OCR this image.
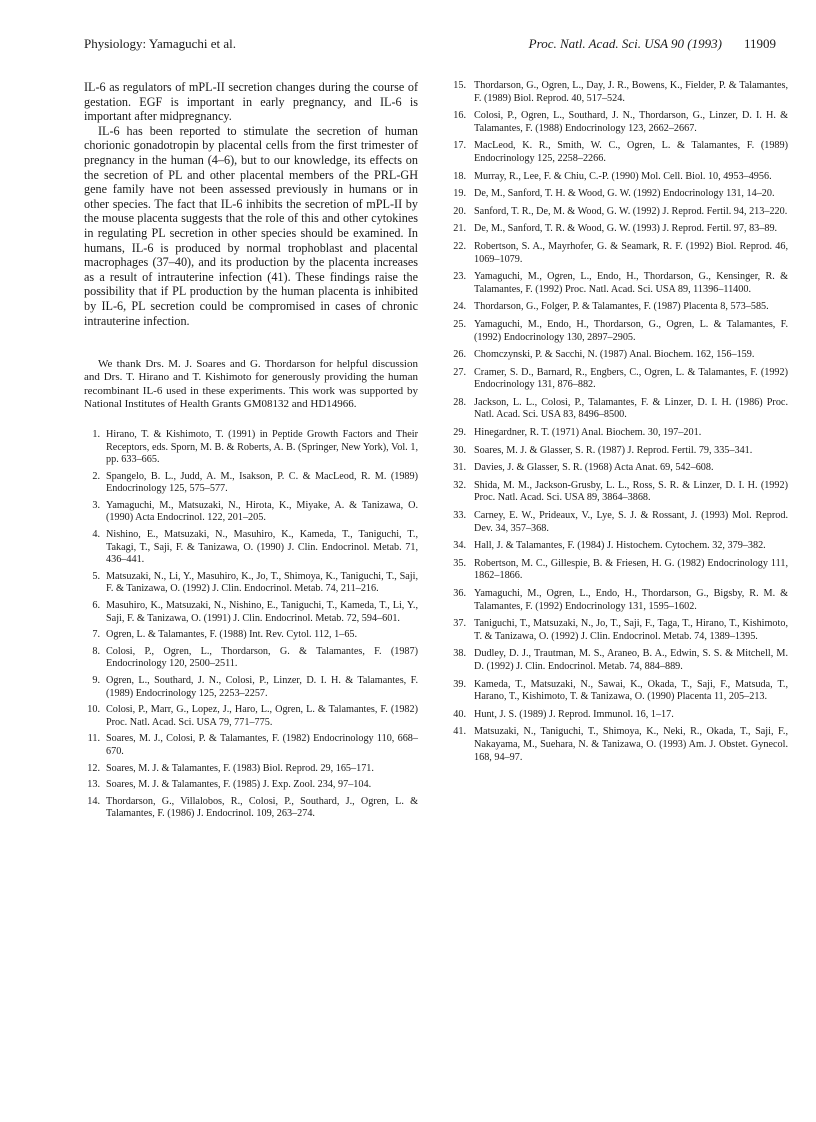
Physiology: Yamaguchi et al.	Proc. Natl. Acad. Sci. USA 90 (1993) 11909

IL-6 as regulators of mPL-II secretion changes during the course of gestation. EGF is important in early pregnancy, and IL-6 is important after midpregnancy.

IL-6 has been reported to stimulate the secretion of human chorionic gonadotropin by placental cells from the first trimester of pregnancy in the human (4–6), but to our knowledge, its effects on the secretion of PL and other placental members of the PRL-GH gene family have not been assessed previously in humans or in other species. The fact that IL-6 inhibits the secretion of mPL-II by the mouse placenta suggests that the role of this and other cytokines in regulating PL secretion in other species should be examined. In humans, IL-6 is produced by normal trophoblast and placental macrophages (37–40), and its production by the placenta increases as a result of intrauterine infection (41). These findings raise the possibility that if PL production by the human placenta is inhibited by IL-6, PL secretion could be compromised in cases of chronic intrauterine infection.

We thank Drs. M. J. Soares and G. Thordarson for helpful discussion and Drs. T. Hirano and T. Kishimoto for generously providing the human recombinant IL-6 used in these experiments. This work was supported by National Institutes of Health Grants GM08132 and HD14966.

1. Hirano, T. & Kishimoto, T. (1991) in Peptide Growth Factors and Their Receptors, eds. Sporn, M. B. & Roberts, A. B. (Springer, New York), Vol. 1, pp. 633–665.
2. Spangelo, B. L., Judd, A. M., Isakson, P. C. & MacLeod, R. M. (1989) Endocrinology 125, 575–577.
3. Yamaguchi, M., Matsuzaki, N., Hirota, K., Miyake, A. & Tanizawa, O. (1990) Acta Endocrinol. 122, 201–205.
4. Nishino, E., Matsuzaki, N., Masuhiro, K., Kameda, T., Taniguchi, T., Takagi, T., Saji, F. & Tanizawa, O. (1990) J. Clin. Endocrinol. Metab. 71, 436–441.
5. Matsuzaki, N., Li, Y., Masuhiro, K., Jo, T., Shimoya, K., Taniguchi, T., Saji, F. & Tanizawa, O. (1992) J. Clin. Endocrinol. Metab. 74, 211–216.
6. Masuhiro, K., Matsuzaki, N., Nishino, E., Taniguchi, T., Kameda, T., Li, Y., Saji, F. & Tanizawa, O. (1991) J. Clin. Endocrinol. Metab. 72, 594–601.
7. Ogren, L. & Talamantes, F. (1988) Int. Rev. Cytol. 112, 1–65.
8. Colosi, P., Ogren, L., Thordarson, G. & Talamantes, F. (1987) Endocrinology 120, 2500–2511.
9. Ogren, L., Southard, J. N., Colosi, P., Linzer, D. I. H. & Talamantes, F. (1989) Endocrinology 125, 2253–2257.
10. Colosi, P., Marr, G., Lopez, J., Haro, L., Ogren, L. & Talamantes, F. (1982) Proc. Natl. Acad. Sci. USA 79, 771–775.
11. Soares, M. J., Colosi, P. & Talamantes, F. (1982) Endocrinology 110, 668–670.
12. Soares, M. J. & Talamantes, F. (1983) Biol. Reprod. 29, 165–171.
13. Soares, M. J. & Talamantes, F. (1985) J. Exp. Zool. 234, 97–104.
14. Thordarson, G., Villalobos, R., Colosi, P., Southard, J., Ogren, L. & Talamantes, F. (1986) J. Endocrinol. 109, 263–274.
15. Thordarson, G., Ogren, L., Day, J. R., Bowens, K., Fielder, P. & Talamantes, F. (1989) Biol. Reprod. 40, 517–524.
16. Colosi, P., Ogren, L., Southard, J. N., Thordarson, G., Linzer, D. I. H. & Talamantes, F. (1988) Endocrinology 123, 2662–2667.
17. MacLeod, K. R., Smith, W. C., Ogren, L. & Talamantes, F. (1989) Endocrinology 125, 2258–2266.
18. Murray, R., Lee, F. & Chiu, C.-P. (1990) Mol. Cell. Biol. 10, 4953–4956.
19. De, M., Sanford, T. H. & Wood, G. W. (1992) Endocrinology 131, 14–20.
20. Sanford, T. R., De, M. & Wood, G. W. (1992) J. Reprod. Fertil. 94, 213–220.
21. De, M., Sanford, T. R. & Wood, G. W. (1993) J. Reprod. Fertil. 97, 83–89.
22. Robertson, S. A., Mayrhofer, G. & Seamark, R. F. (1992) Biol. Reprod. 46, 1069–1079.
23. Yamaguchi, M., Ogren, L., Endo, H., Thordarson, G., Kensinger, R. & Talamantes, F. (1992) Proc. Natl. Acad. Sci. USA 89, 11396–11400.
24. Thordarson, G., Folger, P. & Talamantes, F. (1987) Placenta 8, 573–585.
25. Yamaguchi, M., Endo, H., Thordarson, G., Ogren, L. & Talamantes, F. (1992) Endocrinology 130, 2897–2905.
26. Chomczynski, P. & Sacchi, N. (1987) Anal. Biochem. 162, 156–159.
27. Cramer, S. D., Barnard, R., Engbers, C., Ogren, L. & Talamantes, F. (1992) Endocrinology 131, 876–882.
28. Jackson, L. L., Colosi, P., Talamantes, F. & Linzer, D. I. H. (1986) Proc. Natl. Acad. Sci. USA 83, 8496–8500.
29. Hinegardner, R. T. (1971) Anal. Biochem. 30, 197–201.
30. Soares, M. J. & Glasser, S. R. (1987) J. Reprod. Fertil. 79, 335–341.
31. Davies, J. & Glasser, S. R. (1968) Acta Anat. 69, 542–608.
32. Shida, M. M., Jackson-Grusby, L. L., Ross, S. R. & Linzer, D. I. H. (1992) Proc. Natl. Acad. Sci. USA 89, 3864–3868.
33. Carney, E. W., Prideaux, V., Lye, S. J. & Rossant, J. (1993) Mol. Reprod. Dev. 34, 357–368.
34. Hall, J. & Talamantes, F. (1984) J. Histochem. Cytochem. 32, 379–382.
35. Robertson, M. C., Gillespie, B. & Friesen, H. G. (1982) Endocrinology 111, 1862–1866.
36. Yamaguchi, M., Ogren, L., Endo, H., Thordarson, G., Bigsby, R. M. & Talamantes, F. (1992) Endocrinology 131, 1595–1602.
37. Taniguchi, T., Matsuzaki, N., Jo, T., Saji, F., Taga, T., Hirano, T., Kishimoto, T. & Tanizawa, O. (1992) J. Clin. Endocrinol. Metab. 74, 1389–1395.
38. Dudley, D. J., Trautman, M. S., Araneo, B. A., Edwin, S. S. & Mitchell, M. D. (1992) J. Clin. Endocrinol. Metab. 74, 884–889.
39. Kameda, T., Matsuzaki, N., Sawai, K., Okada, T., Saji, F., Matsuda, T., Harano, T., Kishimoto, T. & Tanizawa, O. (1990) Placenta 11, 205–213.
40. Hunt, J. S. (1989) J. Reprod. Immunol. 16, 1–17.
41. Matsuzaki, N., Taniguchi, T., Shimoya, K., Neki, R., Okada, T., Saji, F., Nakayama, M., Suehara, N. & Tanizawa, O. (1993) Am. J. Obstet. Gynecol. 168, 94–97.
